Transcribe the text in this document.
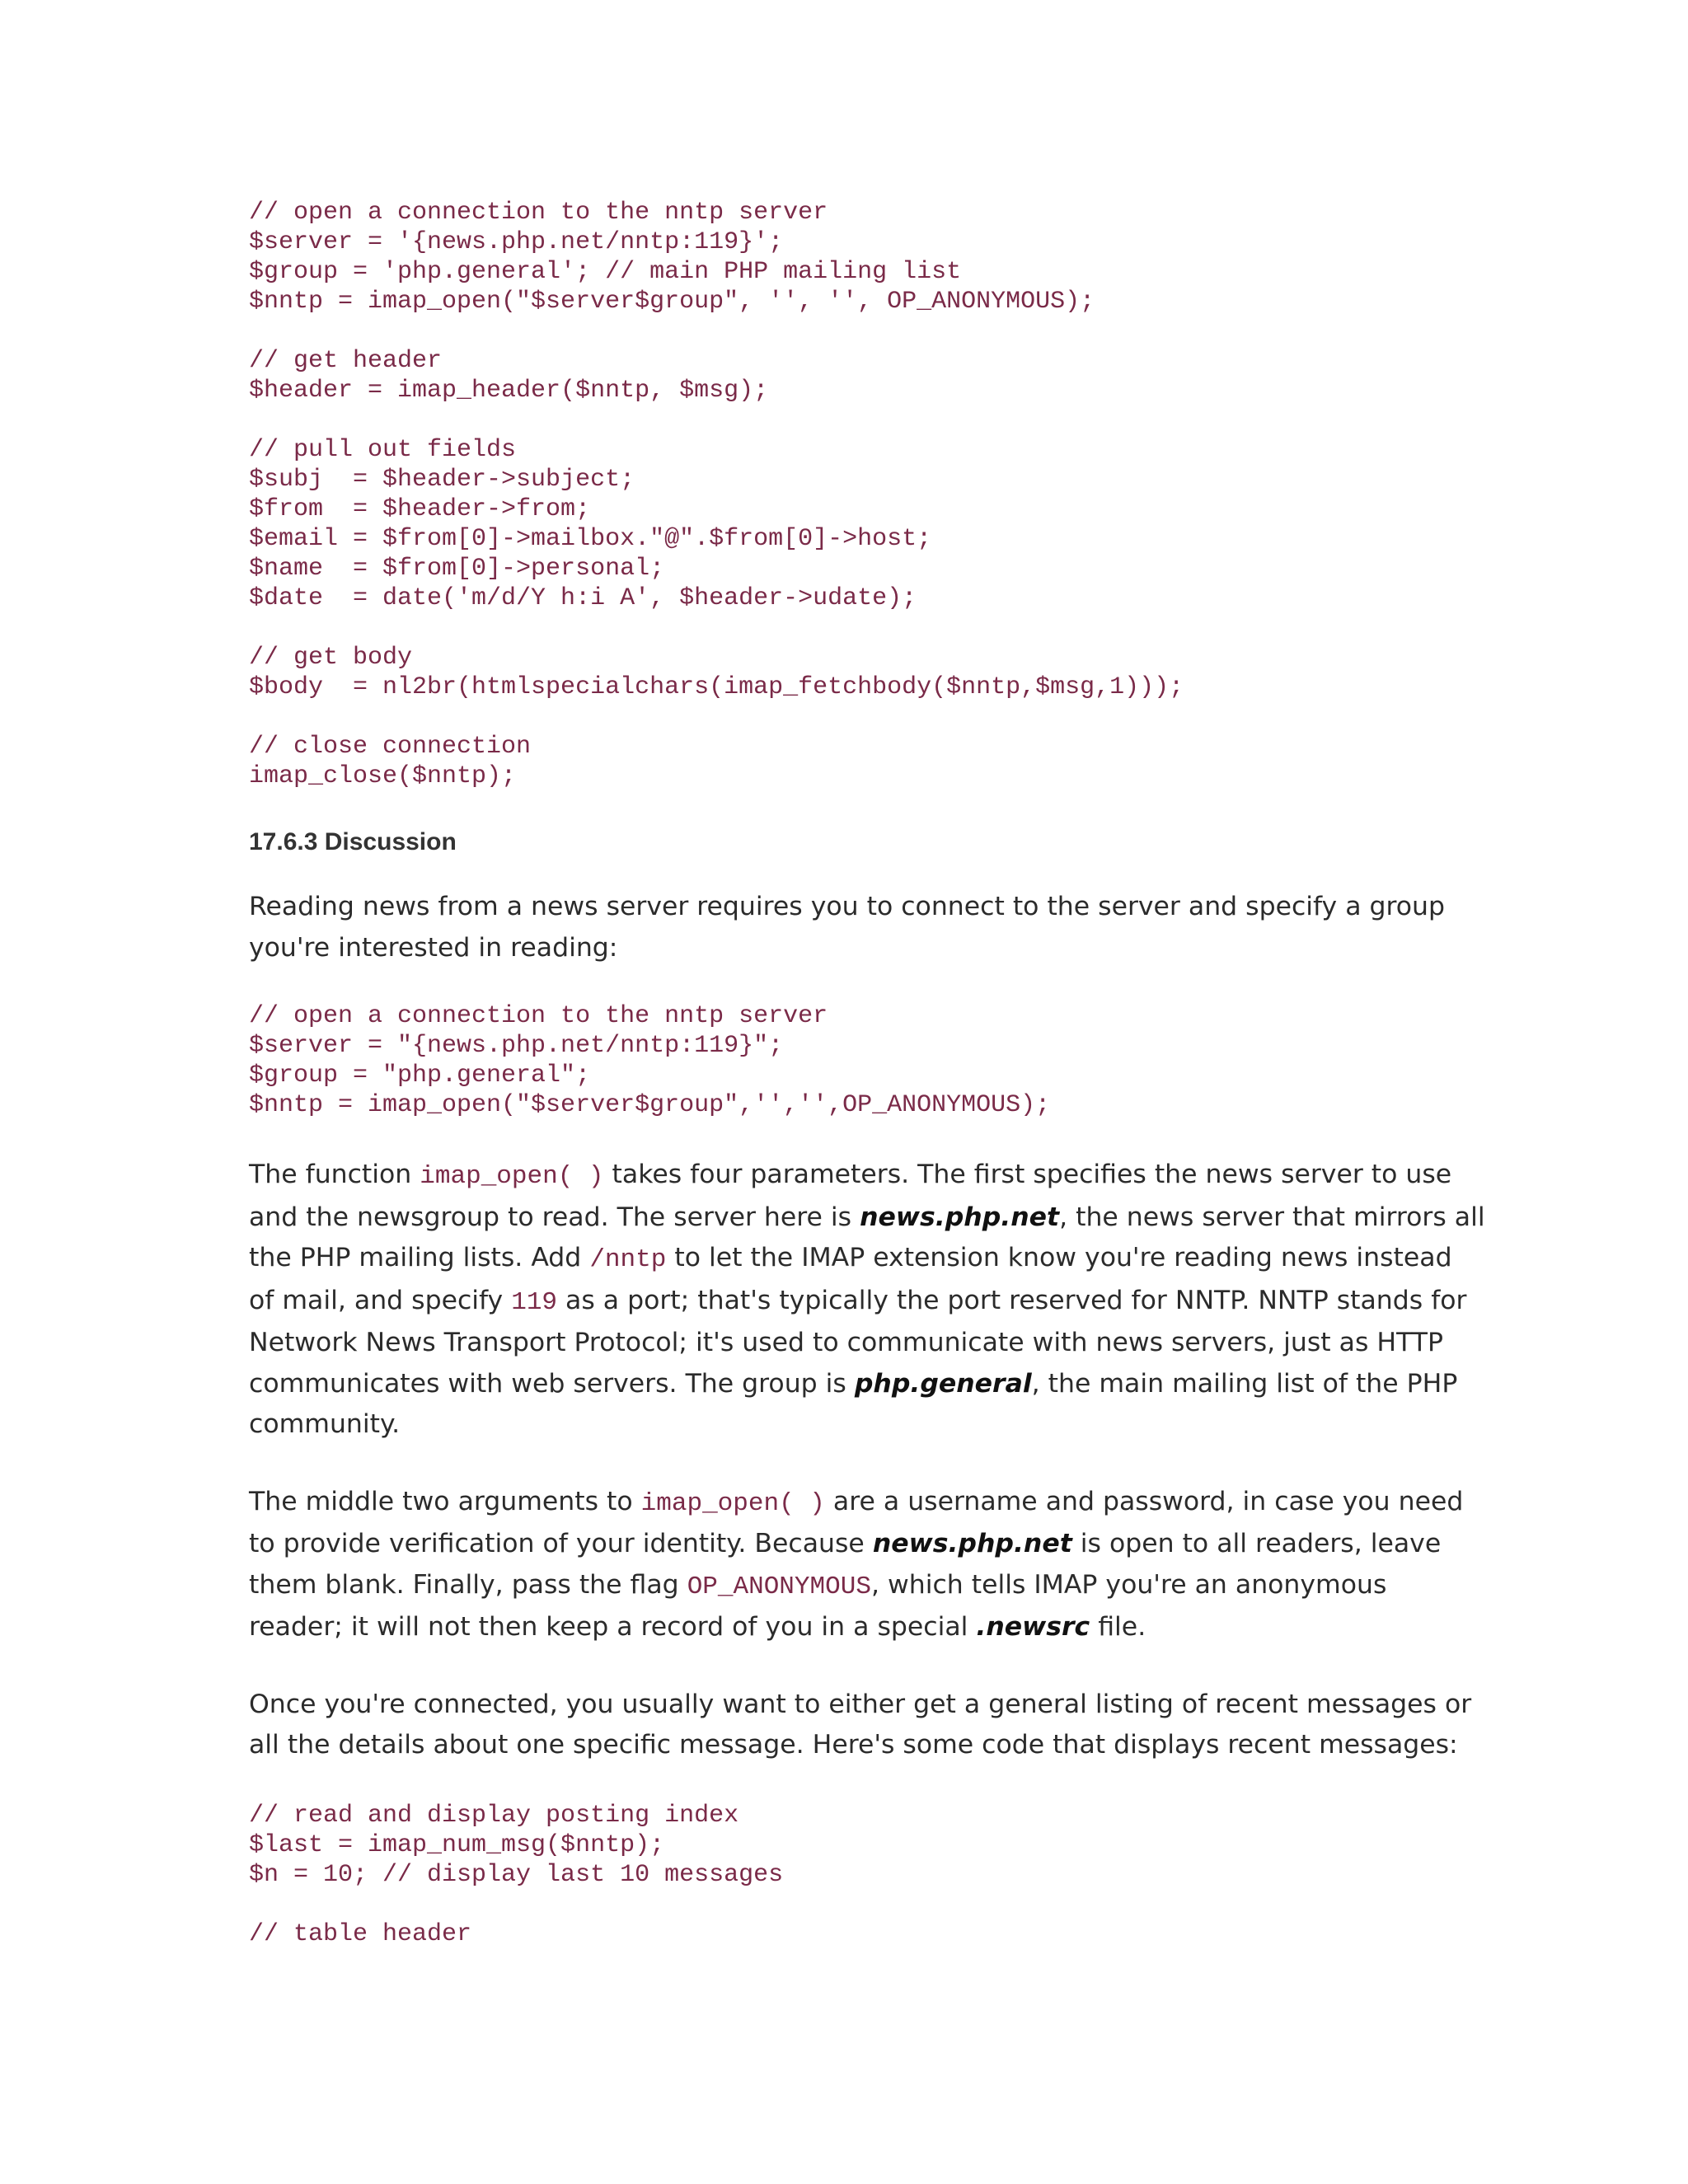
// open a connection to the nntp server
$server = '{news.php.net/nntp:119}';
$group = 'php.general'; // main PHP mailing list
$nntp = imap_open("$server$group", '', '', OP_ANONYMOUS);

// get header
$header = imap_header($nntp, $msg);

// pull out fields
$subj  = $header->subject;
$from  = $header->from;
$email = $from[0]->mailbox."@".$from[0]->host;
$name  = $from[0]->personal;
$date  = date('m/d/Y h:i A', $header->udate);

// get body
$body  = nl2br(htmlspecialchars(imap_fetchbody($nntp,$msg,1)));

// close connection
imap_close($nntp);
17.6.3 Discussion

Reading news from a news server requires you to connect to the server and specify a group
you're interested in reading:

// open a connection to the nntp server
$server = "{news.php.net/nntp:119}";
$group = "php.general";
$nntp = imap_open("$server$group",'','',OP_ANONYMOUS);

The function imap_open( ) takes four parameters. The first specifies the news server to use
and the newsgroup to read. The server here is news.php.net, the news server that mirrors all
the PHP mailing lists. Add /nntp to let the IMAP extension know you're reading news instead
of mail, and specify 119 as a port; that's typically the port reserved for NNTP. NNTP stands for
Network News Transport Protocol; it's used to communicate with news servers, just as HTTP
communicates with web servers. The group is php.general, the main mailing list of the PHP
community.

The middle two arguments to imap_open( ) are a username and password, in case you need
to provide verification of your identity. Because news.php.net is open to all readers, leave
them blank. Finally, pass the flag OP_ANONYMOUS, which tells IMAP you're an anonymous
reader; it will not then keep a record of you in a special .newsrc file.

Once you're connected, you usually want to either get a general listing of recent messages or
all the details about one specific message. Here's some code that displays recent messages:

// read and display posting index
$last = imap_num_msg($nntp);
$n = 10; // display last 10 messages

// table header
